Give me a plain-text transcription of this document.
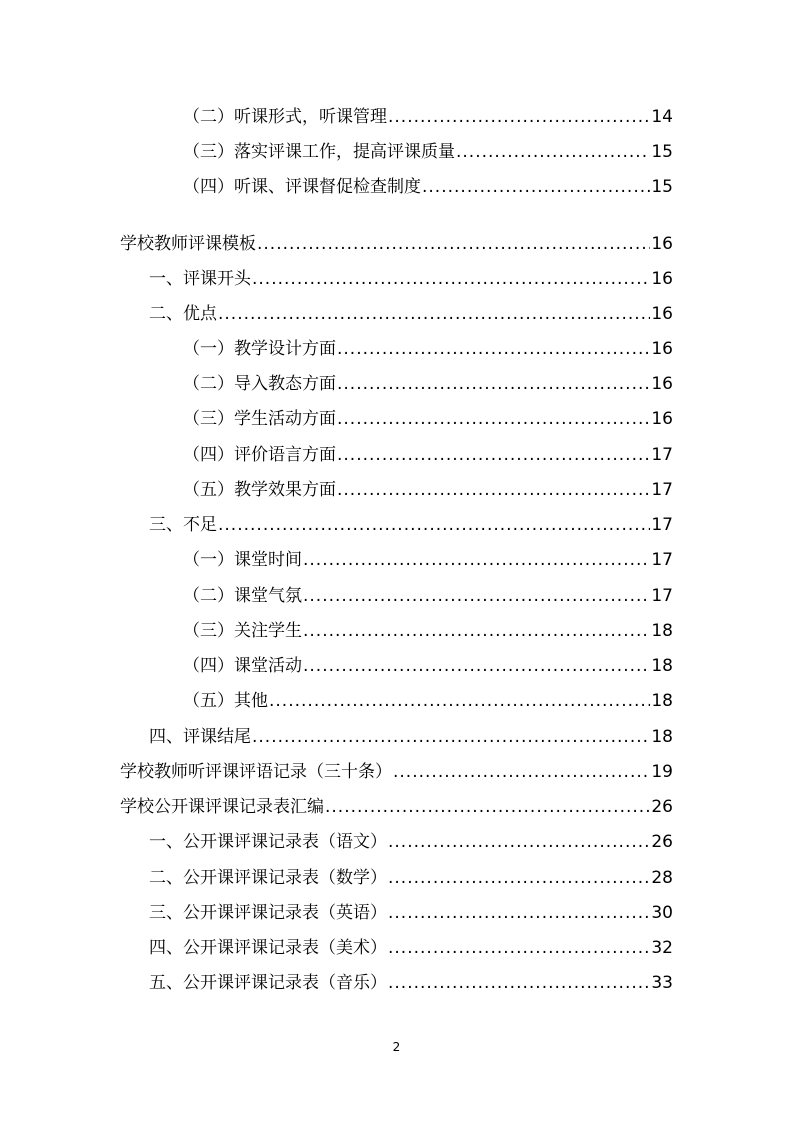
（二）听课形式，听课管理 .....	14
（三）落实评课工作，提高评课质量 .....	15
（四）听课、评课督促检查制度 .....	15
学校教师评课模板 .....	16
一、评课开头 .....	16
二、优点 .....	16
（一）教学设计方面 .....	16
（二）导入教态方面 .....	16
（三）学生活动方面 .....	16
（四）评价语言方面 .....	17
（五）教学效果方面 .....	17
三、不足 .....	17
（一）课堂时间 .....	17
（二）课堂气氛 .....	17
（三）关注学生 .....	18
（四）课堂活动 .....	18
（五）其他 .....	18
四、评课结尾 .....	18
学校教师听评课评语记录（三十条） .....	19
学校公开课评课记录表汇编 .....	26
一、公开课评课记录表（语文） .....	26
二、公开课评课记录表（数学） .....	28
三、公开课评课记录表（英语） .....	30
四、公开课评课记录表（美术） .....	32
五、公开课评课记录表（音乐） .....	33
2
